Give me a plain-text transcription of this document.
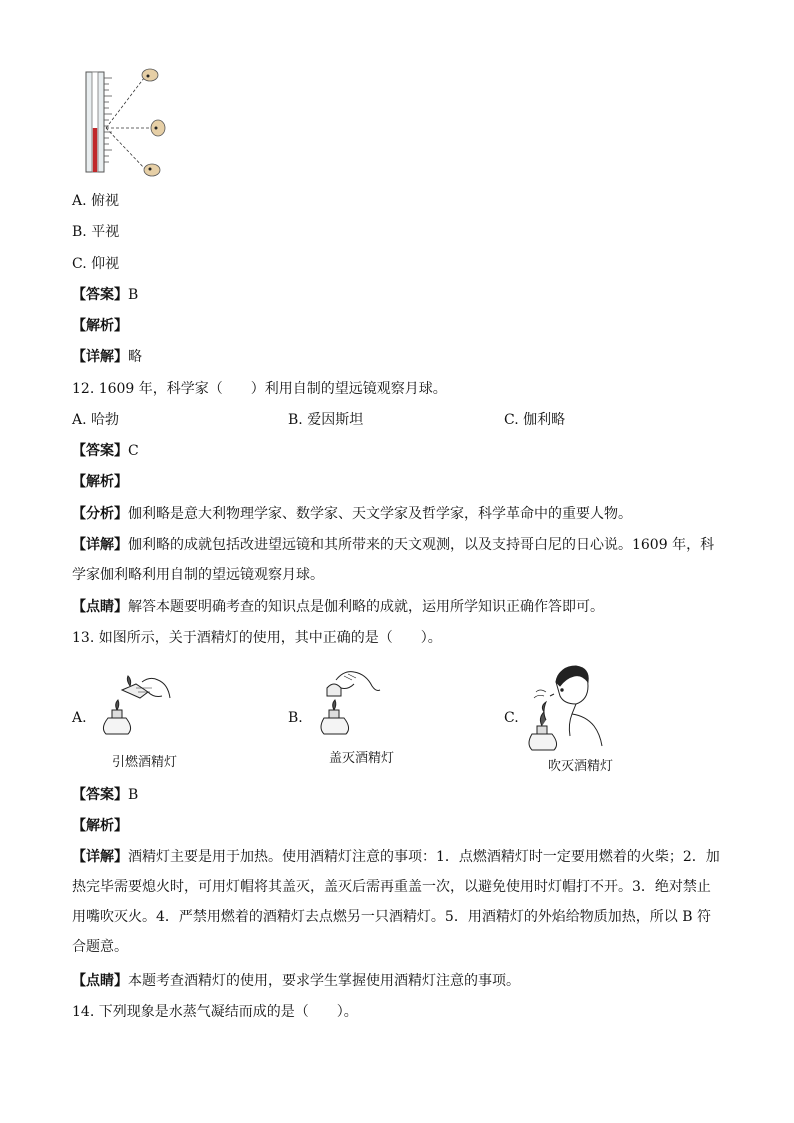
A. 俯视
B. 平视
C. 仰视
【答案】B
【解析】
【详解】略
12. 1609 年，科学家（　　）利用自制的望远镜观察月球。
A. 哈勃	B. 爱因斯坦	C. 伽利略
【答案】C
【解析】
【分析】伽利略是意大利物理学家、数学家、天文学家及哲学家，科学革命中的重要人物。
【详解】伽利略的成就包括改进望远镜和其所带来的天文观测，以及支持哥白尼的日心说。1609 年，科学家伽利略利用自制的望远镜观察月球。
【点睛】解答本题要明确考查的知识点是伽利略的成就，运用所学知识正确作答即可。
13. 如图所示，关于酒精灯的使用，其中正确的是（　　）。
A.	B.	C.
引燃酒精灯	盖灭酒精灯
吹灭酒精灯
【答案】B
【解析】
【详解】酒精灯主要是用于加热。使用酒精灯注意的事项：1．点燃酒精灯时一定要用燃着的火柴；2．加热完毕需要熄火时，可用灯帽将其盖灭，盖灭后需再重盖一次，以避免使用时灯帽打不开。3．绝对禁止用嘴吹灭火。4．严禁用燃着的酒精灯去点燃另一只酒精灯。5．用酒精灯的外焰给物质加热，所以 B 符合题意。
【点睛】本题考查酒精灯的使用，要求学生掌握使用酒精灯注意的事项。
14. 下列现象是水蒸气凝结而成的是（　　）。
